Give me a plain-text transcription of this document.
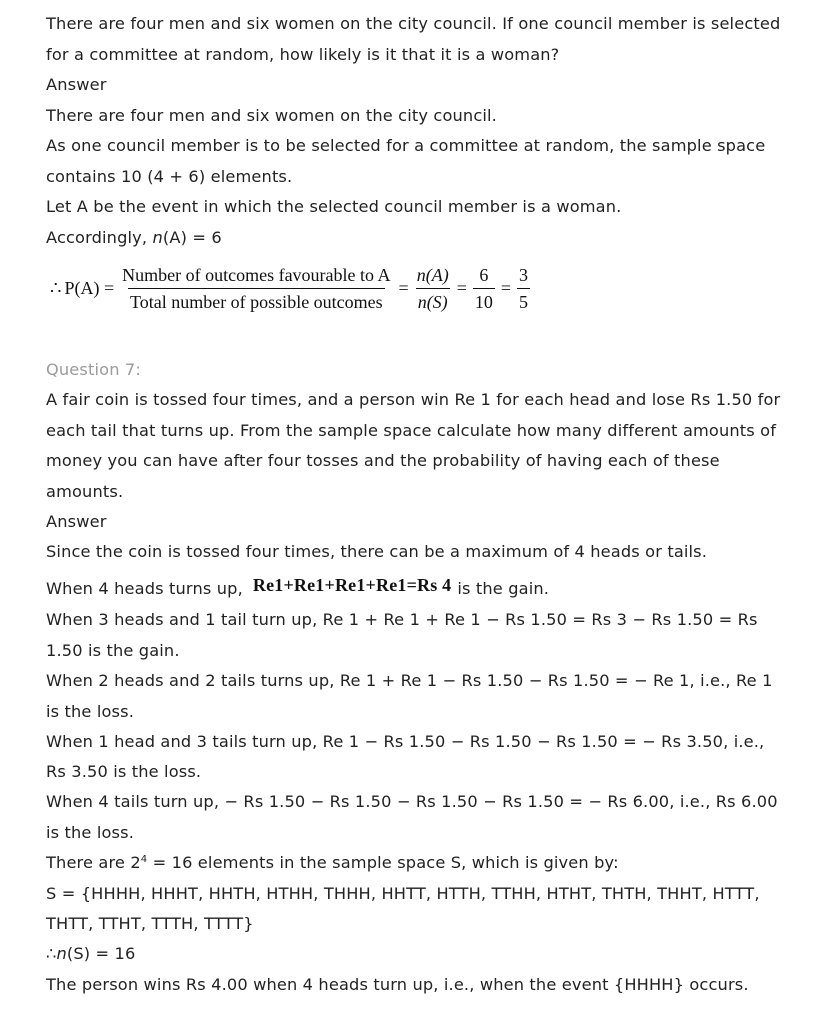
There are four men and six women on the city council. If one council member is selected
for a committee at random, how likely is it that it is a woman?
Answer
There are four men and six women on the city council.
As one council member is to be selected for a committee at random, the sample space
contains 10 (4 + 6) elements.
Let A be the event in which the selected council member is a woman.
Accordingly, n(A) = 6
∴ $P(A) = \frac{\text{Number of outcomes favourable to A}}{\text{Total number of possible outcomes}} = \frac{n(A)}{n(S)} = \frac{6}{10} = \frac{3}{5}$
Question 7:
A fair coin is tossed four times, and a person win Re 1 for each head and lose Rs 1.50 for
each tail that turns up. From the sample space calculate how many different amounts of
money you can have after four tosses and the probability of having each of these
amounts.
Answer
Since the coin is tossed four times, there can be a maximum of 4 heads or tails.
When 4 heads turns up, Re1+Re1+Re1+Re1=Rs 4 is the gain.
When 3 heads and 1 tail turn up, Re 1 + Re 1 + Re 1 − Rs 1.50 = Rs 3 − Rs 1.50 = Rs
1.50 is the gain.
When 2 heads and 2 tails turns up, Re 1 + Re 1 − Rs 1.50 − Rs 1.50 = − Re 1, i.e., Re 1
is the loss.
When 1 head and 3 tails turn up, Re 1 − Rs 1.50 − Rs 1.50 − Rs 1.50 = − Rs 3.50, i.e.,
Rs 3.50 is the loss.
When 4 tails turn up, − Rs 1.50 − Rs 1.50 − Rs 1.50 − Rs 1.50 = − Rs 6.00, i.e., Rs 6.00
is the loss.
There are $2^4 = 16$ elements in the sample space S, which is given by:
S = {HHHH, HHHT, HHTH, HTHH, THHH, HHTT, HTTH, TTHH, HTHT, THTH, THHT, HTTT,
THTT, TTHT, TTTH, TTTT}
∴n(S) = 16
The person wins Rs 4.00 when 4 heads turn up, i.e., when the event {HHHH} occurs.
